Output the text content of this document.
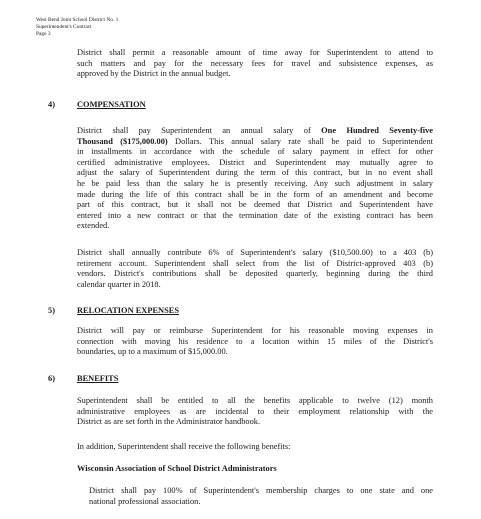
West Bend Joint School District No. 1
Superintendent's Contract
Page 3
District shall permit a reasonable amount of time away for Superintendent to attend to
such matters and pay for the necessary fees for travel and subsistence expenses, as
approved by the District in the annual budget.
4)	COMPENSATION
District shall pay Superintendent an annual salary of One Hundred Seventy-five
Thousand ($175,000.00) Dollars. This annual salary rate shall be paid to Superintendent
in installments in accordance with the schedule of salary payment in effect for other
certified administrative employees. District and Superintendent may mutually agree to
adjust the salary of Superintendent during the term of this contract, but in no event shall
he be paid less than the salary he is presently receiving. Any such adjustment in salary
made during the life of this contract shall be in the form of an amendment and become
part of this contract, but it shall not be deemed that District and Superintendent have
entered into a new contract or that the termination date of the existing contract has been
extended.
District shall annually contribute 6% of Superintendent's salary ($10,500.00) to a 403 (b)
retirement account. Superintendent shall select from the list of District-approved 403 (b)
vendors. District's contributions shall be deposited quarterly, beginning during the third
calendar quarter in 2018.
5)	RELOCATION EXPENSES
District will pay or reimburse Superintendent for his reasonable moving expenses in
connection with moving his residence to a location within 15 miles of the District's
boundaries, up to a maximum of $15,000.00.
6)	BENEFITS
Superintendent shall be entitled to all the benefits applicable to twelve (12) month
administrative employees as are incidental to their employment relationship with the
District as are set forth in the Administrator handbook.
In addition, Superintendent shall receive the following benefits:
Wisconsin Association of School District Administrators
District shall pay 100% of Superintendent's membership charges to one state and one
national professional association.
